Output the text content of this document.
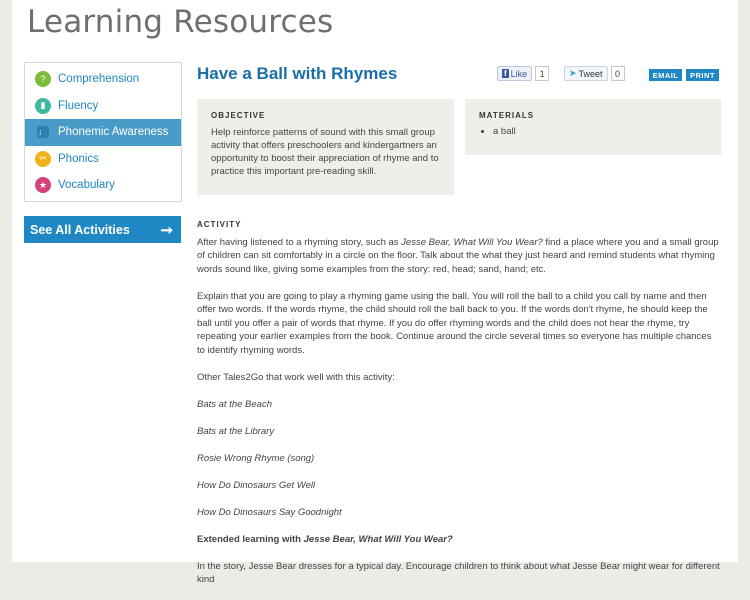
Learning Resources
?	Comprehension
▮	Fluency
♩ Phonemic Awareness
✂ Phonics
★ Vocabulary
See All Activities ➞
Have a Ball with Rhymes	f Like	1	➤ Tweet	0	EMAIL	PRINT
OBJECTIVE

Help reinforce patterns of sound with this small group activity that offers preschoolers and kindergartners an opportunity to boost their appreciation of rhyme and to practice this important pre-reading skill.

MATERIALS
• a ball
ACTIVITY

After having listened to a rhyming story, such as Jesse Bear, What Will You Wear? find a place where you and a small group of children can sit comfortably in a circle on the floor. Talk about the what they just heard and remind students what rhyming words sound like, giving some examples from the story: red, head; sand, hand; etc.

Explain that you are going to play a rhyming game using the ball. You will roll the ball to a child you call by name and then offer two words. If the words rhyme, the child should roll the ball back to you. If the words don't rhyme, he should keep the ball until you offer a pair of words that rhyme. If you do offer rhyming words and the child does not hear the rhyme, try repeating your earlier examples from the book. Continue around the circle several times so everyone has multiple chances to identify rhyming words.

Other Tales2Go that work well with this activity:

Bats at the Beach
Bats at the Library
Rosie Wrong Rhyme (song)
How Do Dinosaurs Get Well
How Do Dinosaurs Say Goodnight
Extended learning with Jesse Bear, What Will You Wear?

In the story, Jesse Bear dresses for a typical day. Encourage children to think about what Jesse Bear might wear for different kind
